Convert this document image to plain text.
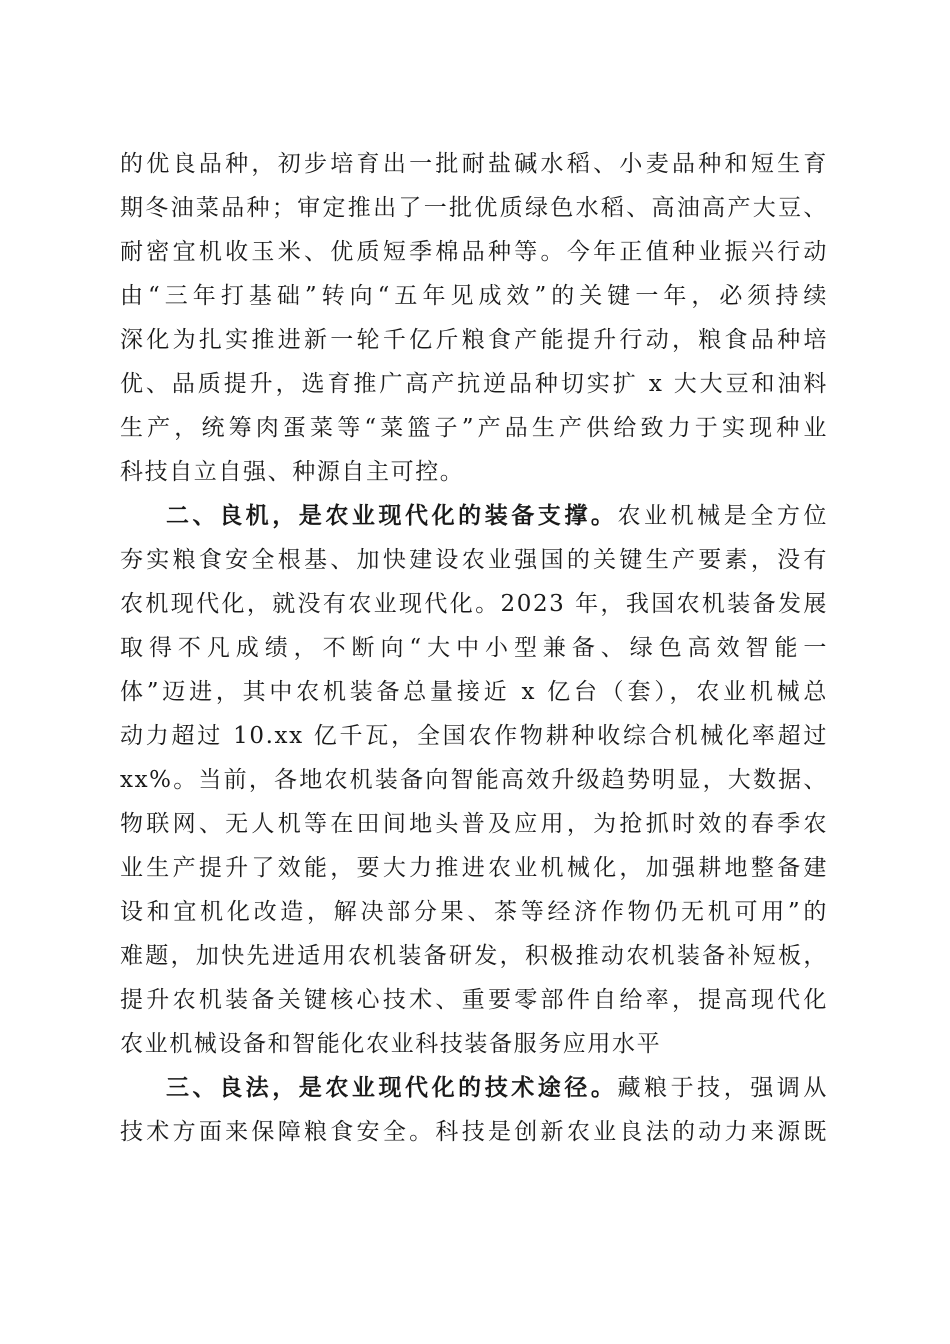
的优良品种，初步培育出一批耐盐碱水稻、小麦品种和短生育
期冬油菜品种；审定推出了一批优质绿色水稻、高油高产大豆、
耐密宜机收玉米、优质短季棉品种等。今年正值种业振兴行动
由“三年打基础”转向“五年见成效”的关键一年，必须持续
深化为扎实推进新一轮千亿斤粮食产能提升行动，粮食品种培
优、品质提升，选育推广高产抗逆品种切实扩 x 大大豆和油料
生产，统筹肉蛋菜等“菜篮子”产品生产供给致力于实现种业
科技自立自强、种源自主可控。
二、良机，是农业现代化的装备支撑。农业机械是全方位
夯实粮食安全根基、加快建设农业强国的关键生产要素，没有
农机现代化，就没有农业现代化。2023 年，我国农机装备发展
取得不凡成绩，不断向“大中小型兼备、绿色高效智能一
体”迈进，其中农机装备总量接近 x 亿台（套），农业机械总
动力超过 10.xx 亿千瓦，全国农作物耕种收综合机械化率超过
xx%。当前，各地农机装备向智能高效升级趋势明显，大数据、
物联网、无人机等在田间地头普及应用，为抢抓时效的春季农
业生产提升了效能，要大力推进农业机械化，加强耕地整备建
设和宜机化改造，解决部分果、茶等经济作物仍无机可用”的
难题，加快先进适用农机装备研发，积极推动农机装备补短板，
提升农机装备关键核心技术、重要零部件自给率，提高现代化
农业机械设备和智能化农业科技装备服务应用水平
三、良法，是农业现代化的技术途径。藏粮于技，强调从
技术方面来保障粮食安全。科技是创新农业良法的动力来源既
